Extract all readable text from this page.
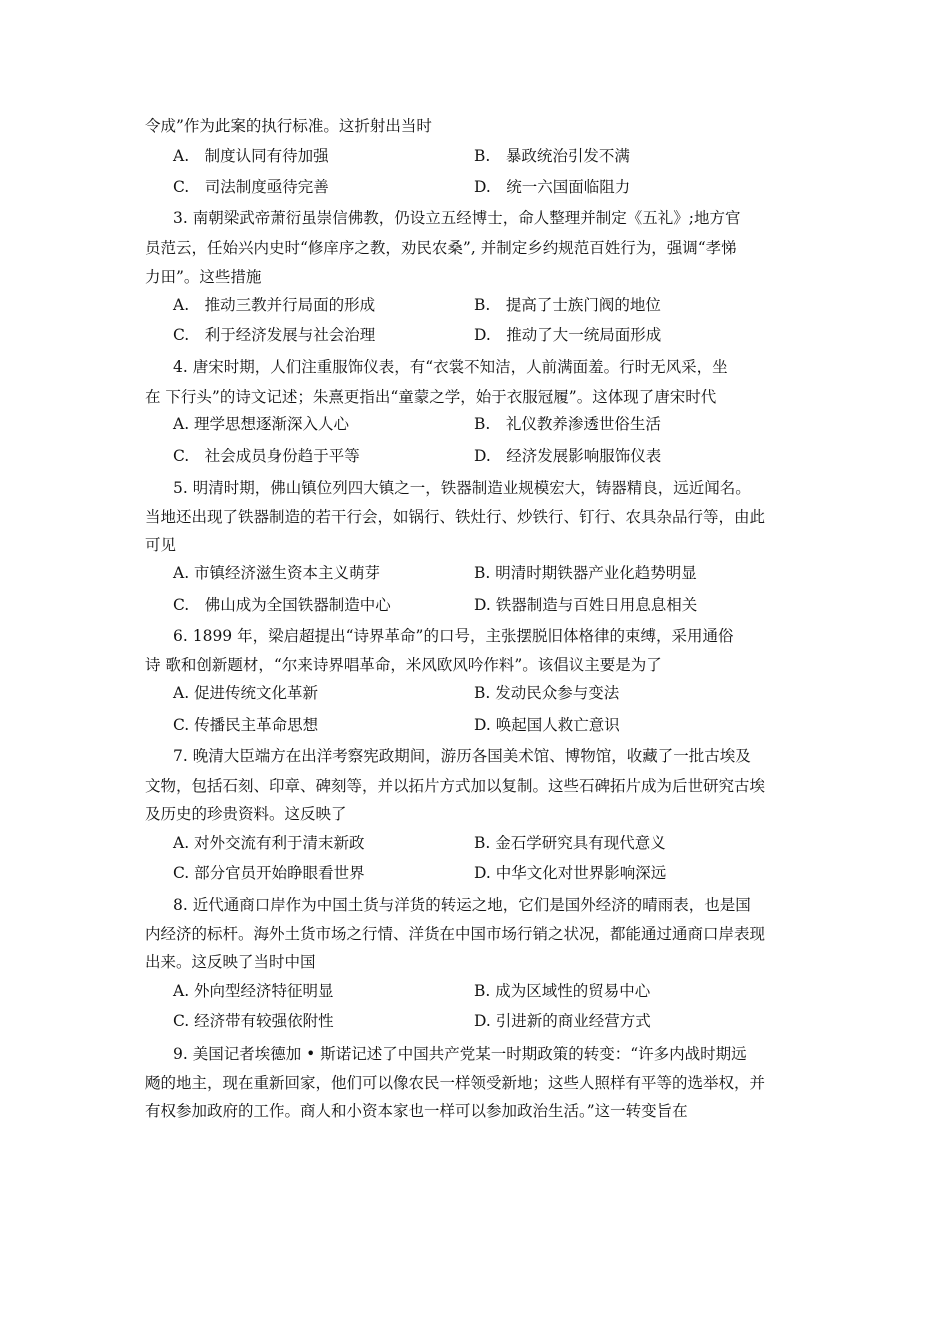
令成”作为此案的执行标准。这折射出当时
A.　制度认同有待加强	B.　暴政统治引发不满
C.　司法制度亟待完善	D.　统一六国面临阻力
3. 南朝梁武帝萧衍虽崇信佛教，仍设立五经博士，命人整理并制定《五礼》;地方官
员范云，任始兴内史时“修庠序之教，劝民农桑”, 并制定乡约规范百姓行为，强调“孝悌
力田”。这些措施
A.　推动三教并行局面的形成	B.　提高了士族门阀的地位
C.　利于经济发展与社会治理	D.　推动了大一统局面形成
4. 唐宋时期，人们注重服饰仪表，有“衣裳不知洁，人前满面羞。行时无风采，坐
在 下行头”的诗文记述；朱熹更指出“童蒙之学，始于衣服冠履”。这体现了唐宋时代
A. 理学思想逐渐深入人心	B.　礼仪教养渗透世俗生活
C.　社会成员身份趋于平等	D.　经济发展影响服饰仪表
5. 明清时期，佛山镇位列四大镇之一，铁器制造业规模宏大，铸器精良，远近闻名。
当地还出现了铁器制造的若干行会，如锅行、铁灶行、炒铁行、钉行、农具杂品行等，由此
可见
A. 市镇经济滋生资本主义萌芽	B. 明清时期铁器产业化趋势明显
C.　佛山成为全国铁器制造中心	D. 铁器制造与百姓日用息息相关
6. 1899 年，梁启超提出“诗界革命”的口号，主张摆脱旧体格律的束缚，采用通俗
诗 歌和创新题材，“尔来诗界唱革命，米风欧风吟作料”。该倡议主要是为了
A. 促进传统文化革新	B. 发动民众参与变法
C. 传播民主革命思想	D. 唤起国人救亡意识
7. 晚清大臣端方在出洋考察宪政期间，游历各国美术馆、博物馆，收藏了一批古埃及
文物，包括石刻、印章、碑刻等，并以拓片方式加以复制。这些石碑拓片成为后世研究古埃
及历史的珍贵资料。这反映了
A. 对外交流有利于清末新政	B. 金石学研究具有现代意义
C. 部分官员开始睁眼看世界	D. 中华文化对世界影响深远
8. 近代通商口岸作为中国土货与洋货的转运之地，它们是国外经济的晴雨表，也是国
内经济的标杆。海外土货市场之行情、洋货在中国市场行销之状况，都能通过通商口岸表现
出来。这反映了当时中国
A. 外向型经济特征明显	B. 成为区域性的贸易中心
C. 经济带有较强依附性	D. 引进新的商业经营方式
9. 美国记者埃德加 • 斯诺记述了中国共产党某一时期政策的转变：“许多内战时期远
飏的地主，现在重新回家，他们可以像农民一样领受新地；这些人照样有平等的选举权，并
有权参加政府的工作。商人和小资本家也一样可以参加政治生活。”这一转变旨在
